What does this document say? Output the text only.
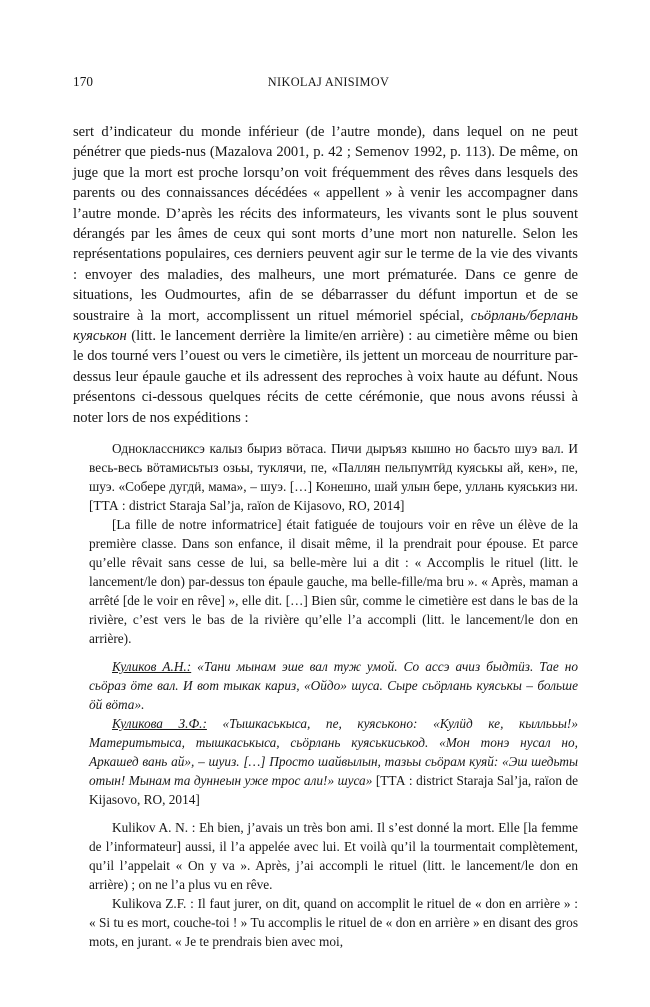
170	NIKOLAJ ANISIMOV

sert d’indicateur du monde inférieur (de l’autre monde), dans lequel on ne peut pénétrer que pieds-nus (Mazalova 2001, p. 42 ; Semenov 1992, p. 113). De même, on juge que la mort est proche lorsqu’on voit fréquemment des rêves dans lesquels des parents ou des connaissances décédées « appellent » à venir les accompagner dans l’autre monde. D’après les récits des informateurs, les vivants sont le plus souvent dérangés par les âmes de ceux qui sont morts d’une mort non naturelle. Selon les représentations populaires, ces derniers peuvent agir sur le terme de la vie des vivants : envoyer des maladies, des malheurs, une mort prématurée. Dans ce genre de situations, les Oudmourtes, afin de se débarrasser du défunt importun et de se soustraire à la mort, accomplissent un rituel mémoriel spécial, сьӧрлань/берлань куяськон (litt. le lancement derrière la limite/en arrière) : au cimetière même ou bien le dos tourné vers l’ouest ou vers le cimetière, ils jettent un morceau de nourriture par-dessus leur épaule gauche et ils adressent des reproches à voix haute au défunt. Nous présentons ci-dessous quelques récits de cette cérémonie, que nous avons réussi à noter lors de nos expéditions :

Одноклассниксэ калыз быриз вӧтаса. Пичи дыръяз кышно но басьто шуэ вал. И весь-весь вӧтамисьтыз озьы, туклячи, пе, «Паллян пельпумтӥд куяськы ай, кен», пе, шуэ. «Собере дугдӥ, мама», – шуэ. […] Конешно, шай улын бере, уллань куяськиз ни. [ТТА : district Staraja Sal’ja, raïon de Kijasovo, RO, 2014]

[La fille de notre informatrice] était fatiguée de toujours voir en rêve un élève de la première classe. Dans son enfance, il disait même, il la prendrait pour épouse. Et parce qu’elle rêvait sans cesse de lui, sa belle-mère lui a dit : « Accomplis le rituel (litt. le lancement/le don) par-dessus ton épaule gauche, ma belle-fille/ma bru ». « Après, maman a arrêté [de le voir en rêve] », elle dit. […] Bien sûr, comme le cimetière est dans le bas de la rivière, c’est vers le bas de la rivière qu’elle l’a accompli (litt. le lancement/le don en arrière).

Куликов А.Н.: «Тани мынам эше вал туж умой. Со ассэ ачиз быдтӥз. Тае но сьӧраз ӧте вал. И вот тыкак кариз, «Ойдо» шуса. Сыре сьӧрлань куяськы – больше ӧй вӧта».

Куликова З.Ф.: «Тышкаськыса, пе, куяськоно: «Кулӥд ке, кыллььы!» Материтьтыса, тышкаськыса, сьӧрлань куяськиськод. «Мон тонэ нусал но, Аркашед вань ай», – шуиз. […] Просто шайвылын, тазьы сьӧрам куяй: «Эш шедьты отын! Мынам та дуннеын уже трос али!» шуса» [ТТА : district Staraja Sal’ja, raïon de Kijasovo, RO, 2014]

Kulikov A. N. : Eh bien, j’avais un très bon ami. Il s’est donné la mort. Elle [la femme de l’informateur] aussi, il l’a appelée avec lui. Et voilà qu’il la tourmentait complètement, qu’il l’appelait « On y va ». Après, j’ai accompli le rituel (litt. le lancement/le don en arrière) ; on ne l’a plus vu en rêve.

Kulikova Z.F. : Il faut jurer, on dit, quand on accomplit le rituel de « don en arrière » : « Si tu es mort, couche-toi ! » Tu accomplis le rituel de « don en arrière » en disant des gros mots, en jurant. « Je te prendrais bien avec moi,
